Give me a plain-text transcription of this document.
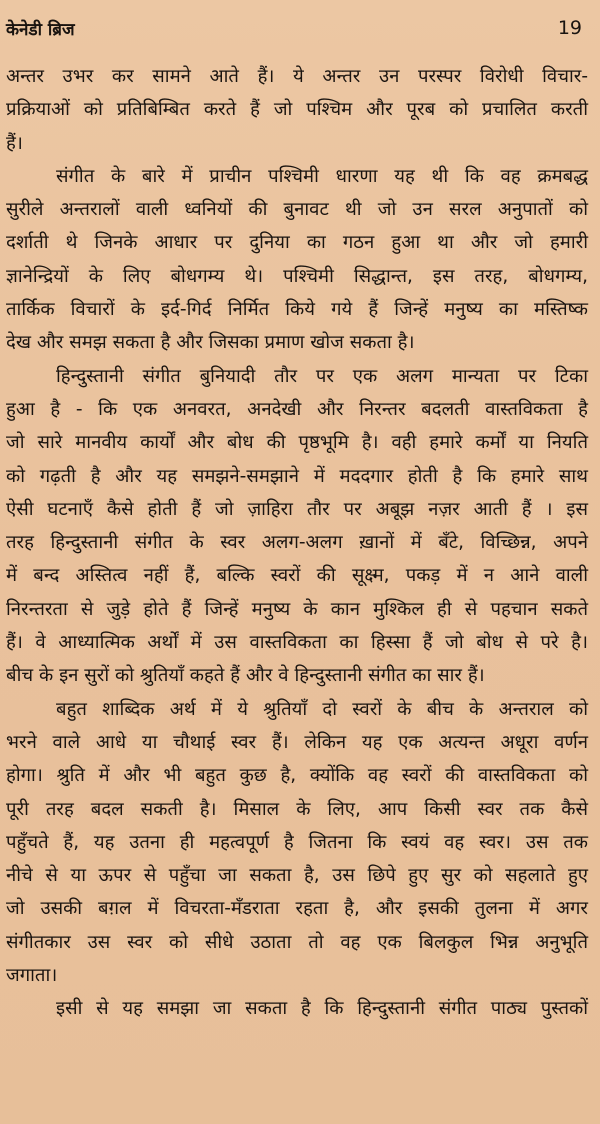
केनेडी ब्रिज	19
अन्तर उभर कर सामने आते हैं। ये अन्तर उन परस्पर विरोधी विचार-
प्रक्रियाओं को प्रतिबिम्बित करते हैं जो पश्चिम और पूरब को प्रचालित करती
हैं।
संगीत के बारे में प्राचीन पश्चिमी धारणा यह थी कि वह क्रमबद्ध
सुरीले अन्तरालों वाली ध्वनियों की बुनावट थी जो उन सरल अनुपातों को
दर्शाती थे जिनके आधार पर दुनिया का गठन हुआ था और जो हमारी
ज्ञानेन्द्रियों के लिए बोधगम्य थे। पश्चिमी सिद्धान्त, इस तरह, बोधगम्य,
तार्किक विचारों के इर्द-गिर्द निर्मित किये गये हैं जिन्हें मनुष्य का मस्तिष्क
देख और समझ सकता है और जिसका प्रमाण खोज सकता है।
हिन्दुस्तानी संगीत बुनियादी तौर पर एक अलग मान्यता पर टिका
हुआ है - कि एक अनवरत, अनदेखी और निरन्तर बदलती वास्तविकता है
जो सारे मानवीय कार्यों और बोध की पृष्ठभूमि है। वही हमारे कर्मों या नियति
को गढ़ती है और यह समझने-समझाने में मददगार होती है कि हमारे साथ
ऐसी घटनाएँ कैसे होती हैं जो ज़ाहिरा तौर पर अबूझ नज़र आती हैं । इस
तरह हिन्दुस्तानी संगीत के स्वर अलग-अलग ख़ानों में बँटे, विच्छिन्न, अपने
में बन्द अस्तित्व नहीं हैं, बल्कि स्वरों की सूक्ष्म, पकड़ में न आने वाली
निरन्तरता से जुड़े होते हैं जिन्हें मनुष्य के कान मुश्किल ही से पहचान सकते
हैं। वे आध्यात्मिक अर्थों में उस वास्तविकता का हिस्सा हैं जो बोध से परे है।
बीच के इन सुरों को श्रुतियाँ कहते हैं और वे हिन्दुस्तानी संगीत का सार हैं।
बहुत शाब्दिक अर्थ में ये श्रुतियाँ दो स्वरों के बीच के अन्तराल को
भरने वाले आधे या चौथाई स्वर हैं। लेकिन यह एक अत्यन्त अधूरा वर्णन
होगा। श्रुति में और भी बहुत कुछ है, क्योंकि वह स्वरों की वास्तविकता को
पूरी तरह बदल सकती है। मिसाल के लिए, आप किसी स्वर तक कैसे
पहुँचते हैं, यह उतना ही महत्वपूर्ण है जितना कि स्वयं वह स्वर। उस तक
नीचे से या ऊपर से पहुँचा जा सकता है, उस छिपे हुए सुर को सहलाते हुए
जो उसकी बग़ल में विचरता-मँडराता रहता है, और इसकी तुलना में अगर
संगीतकार उस स्वर को सीधे उठाता तो वह एक बिलकुल भिन्न अनुभूति
जगाता।
इसी से यह समझा जा सकता है कि हिन्दुस्तानी संगीत पाठ्य पुस्तकों
